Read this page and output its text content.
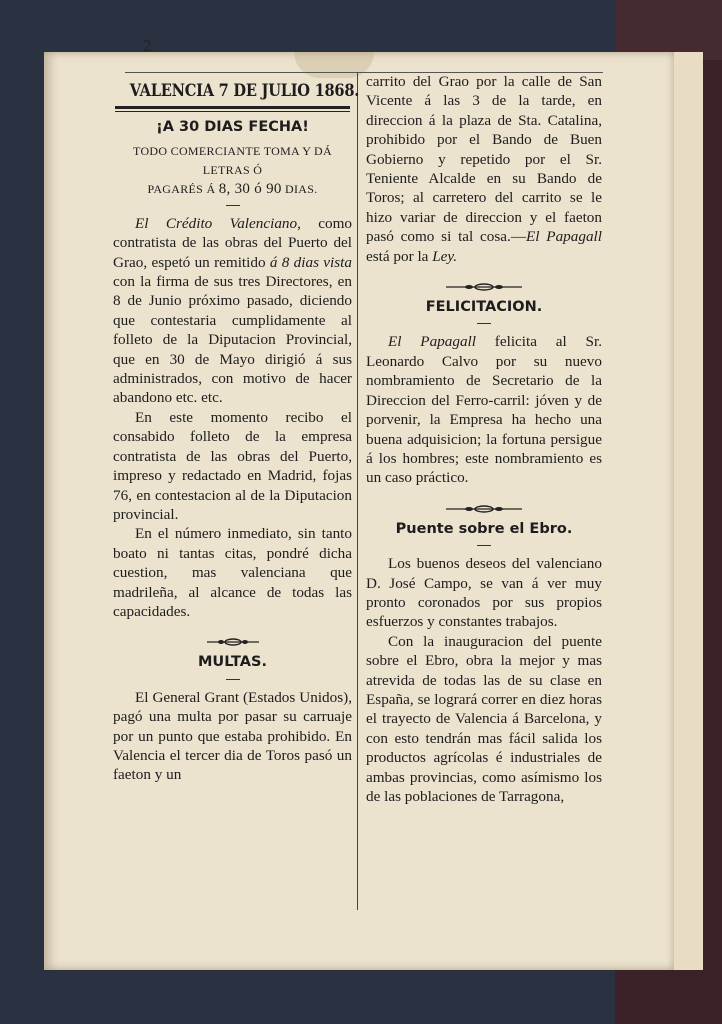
2
VALENCIA 7 DE JULIO 1868.
¡A 30 DIAS FECHA!
TODO COMERCIANTE TOMA Y DÁ LETRAS Ó
PAGARÉS Á 8, 30 ó 90 DIAS.

El Crédito Valenciano, como contratista de las obras del Puerto del Grao, espetó un remitido á 8 dias vista con la firma de sus tres Directores, en 8 de Junio próximo pasado, diciendo que contestaria cumplidamente al folleto de la Diputacion Provincial, que en 30 de Mayo dirigió á sus administrados, con motivo de hacer abandono etc. etc.

En este momento recibo el consabido folleto de la empresa contratista de las obras del Puerto, impreso y redactado en Madrid, fojas 76, en contestacion al de la Diputacion provincial.

En el número inmediato, sin tanto boato ni tantas citas, pondré dicha cuestion, mas valenciana que madrileña, al alcance de todas las capacidades.

MULTAS.

El General Grant (Estados Unidos), pagó una multa por pasar su carruaje por un punto que estaba prohibido. En Valencia el tercer dia de Toros pasó un faeton y un

carrito del Grao por la calle de San Vicente á las 3 de la tarde, en direccion á la plaza de Sta. Catalina, prohibido por el Bando de Buen Gobierno y repetido por el Sr. Teniente Alcalde en su Bando de Toros; al carretero del carrito se le hizo variar de direccion y el faeton pasó como si tal cosa.—El Papagall está por la Ley.

FELICITACION.

El Papagall felicita al Sr. Leonardo Calvo por su nuevo nombramiento de Secretario de la Direccion del Ferro-carril: jóven y de porvenir, la Empresa ha hecho una buena adquisicion; la fortuna persigue á los hombres; este nombramiento es un caso práctico.

Puente sobre el Ebro.

Los buenos deseos del valenciano D. José Campo, se van á ver muy pronto coronados por sus propios esfuerzos y constantes trabajos.

Con la inauguracion del puente sobre el Ebro, obra la mejor y mas atrevida de todas las de su clase en España, se logrará correr en diez horas el trayecto de Valencia á Barcelona, y con esto tendrán mas fácil salida los productos agrícolas é industriales de ambas provincias, como asímismo los de las poblaciones de Tarragona,
